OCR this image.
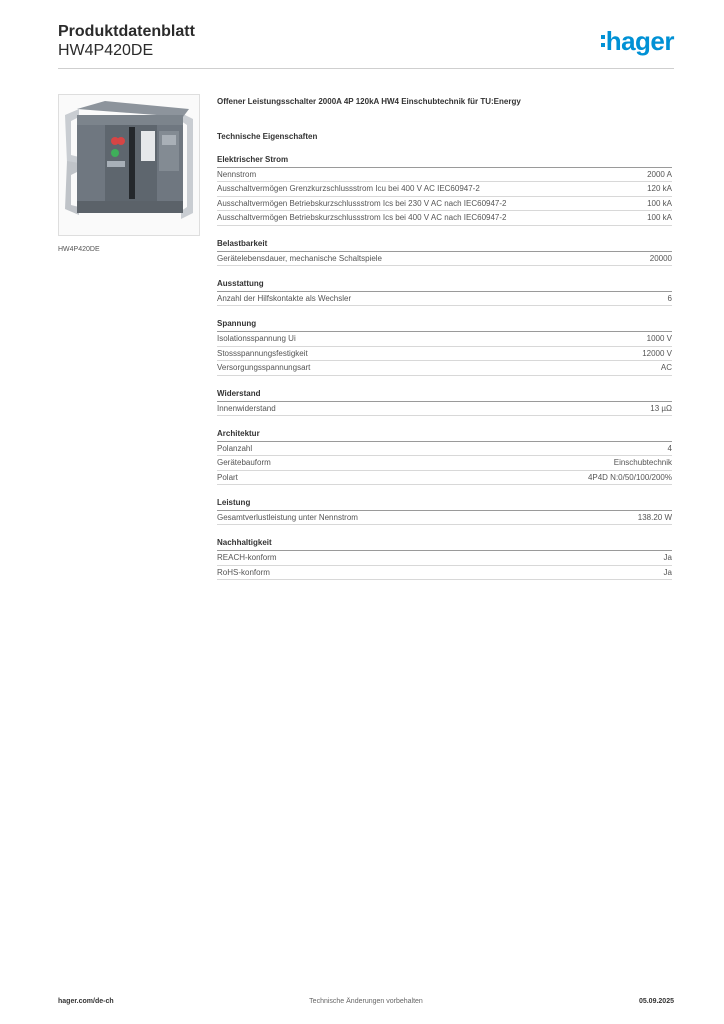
Produktdatenblatt
HW4P420DE	hager
HW4P420DE
Offener Leistungsschalter 2000A 4P 120kA HW4 Einschubtechnik für TU:Energy
Technische Eigenschaften
Elektrischer Strom
Nennstrom	2000 A
Ausschaltvermögen Grenzkurzschlussstrom Icu bei 400 V AC IEC60947-2	120 kA
Ausschaltvermögen Betriebskurzschlussstrom Ics bei 230 V AC nach IEC60947-2	100 kA
Ausschaltvermögen Betriebskurzschlussstrom Ics bei 400 V AC nach IEC60947-2	100 kA
Belastbarkeit
Gerätelebensdauer, mechanische Schaltspiele	20000
Ausstattung
Anzahl der Hilfskontakte als Wechsler	6
Spannung
Isolationsspannung Ui	1000 V
Stossspannungsfestigkeit	12000 V
Versorgungsspannungsart	AC
Widerstand
Innenwiderstand	13 µΩ
Architektur
Polanzahl	4
Gerätebauform	Einschubtechnik
Polart	4P4D N:0/50/100/200%
Leistung
Gesamtverlustleistung unter Nennstrom	138.20 W
Nachhaltigkeit
REACH-konform	Ja
RoHS-konform	Ja
hager.com/de-ch	Technische Änderungen vorbehalten	05.09.2025
